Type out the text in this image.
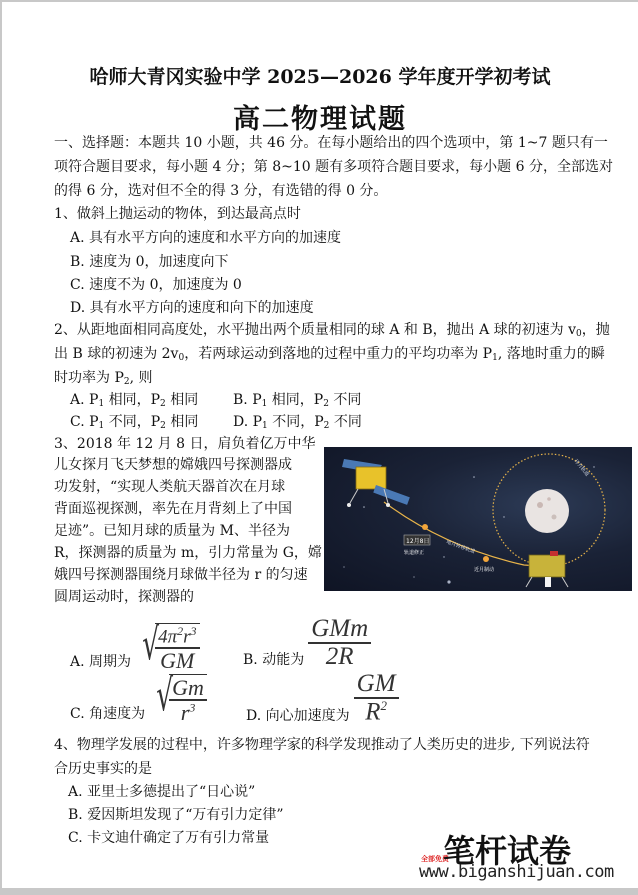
哈师大青冈实验中学 2025—2026 学年度开学初考试
高二物理试题
一、选择题：本题共 10 小题，共 46 分。在每小题给出的四个选项中，第 1~7 题只有一
项符合题目要求，每小题 4 分；第 8~10 题有多项符合题目要求，每小题 6 分，全部选对
的得 6 分，选对但不全的得 3 分，有选错的得 0 分。
1、做斜上抛运动的物体，到达最高点时
A. 具有水平方向的速度和水平方向的加速度
B. 速度为 0，加速度向下
C. 速度不为 0，加速度为 0
D. 具有水平方向的速度和向下的加速度
2、从距地面相同高度处，水平抛出两个质量相同的球 A 和 B，抛出 A 球的初速为 $v_0$，抛
出 B 球的初速为 $2v_0$，若两球运动到落地的过程中重力的平均功率为 $P_1$, 落地时重力的瞬
时功率为 $P_2$, 则
A. $P_1$ 相同，$P_2$ 相同 B. $P_1$ 相同，$P_2$ 不同
C. $P_1$ 不同，$P_2$ 相同 D. $P_1$ 不同，$P_2$ 不同
3、2018 年 12 月 8 日，肩负着亿万中华
儿女探月飞天梦想的嫦娥四号探测器成
功发射，“实现人类航天器首次在月球
背面巡视探测，率先在月背刻上了中国
足迹”。已知月球的质量为 M、半径为
R，探测器的质量为 m，引力常量为 G，嫦
娥四号探测器围绕月球做半径为 r 的匀速
圆周运动时，探测器的
12月8日
轨道修正	地月转移轨道
近月制动
环月轨道
A. 周期为 √
$\frac{4\pi^2r^3}{GM}$	B. 动能为 $\frac{\text{GMm}}{2R}$
C. 角速度为 √
$\frac{Gm}{r^3}$	D. 向心加速度为 $\frac{GM}{R^2}$
4、物理学发展的过程中，许多物理学家的科学发现推动了人类历史的进步, 下列说法符
合历史事实的是
A. 亚里士多德提出了“日心说”
B. 爱因斯坦发现了“万有引力定律”
C. 卡文迪什确定了万有引力常量
全部免费
笔杆试卷
www.biganshijuan.com
